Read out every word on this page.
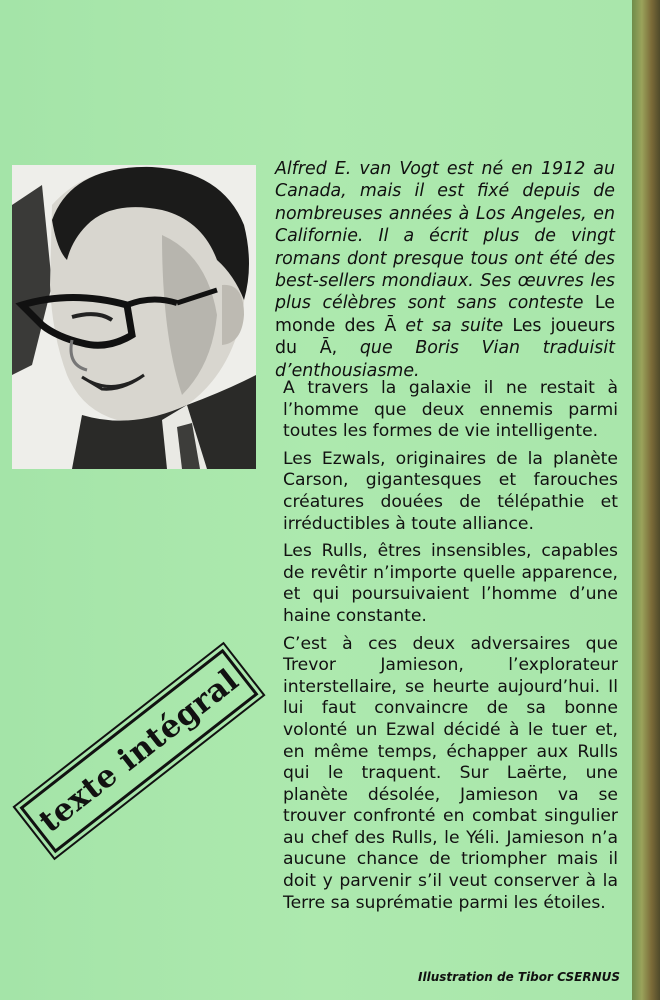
Alfred E. van Vogt est né en 1912 au Canada, mais il est fixé depuis de nombreuses années à Los Angeles, en Californie. Il a écrit plus de vingt romans dont presque tous ont été des best-sellers mondiaux. Ses œuvres les plus célèbres sont sans conteste Le monde des Ā et sa suite Les joueurs du Ā, que Boris Vian traduisit d’enthousiasme.

A travers la galaxie il ne restait à l’homme que deux ennemis parmi toutes les formes de vie intelligente.

Les Ezwals, originaires de la planète Carson, gigantesques et farouches créatures douées de télépathie et irréductibles à toute alliance.

Les Rulls, êtres insensibles, capables de revêtir n’importe quelle apparence, et qui poursuivaient l’homme d’une haine constante.

C’est à ces deux adversaires que Trevor Jamieson, l’explorateur interstellaire, se heurte aujourd’hui. Il lui faut convaincre de sa bonne volonté un Ezwal décidé à le tuer et, en même temps, échapper aux Rulls qui le traquent. Sur Laërte, une planète désolée, Jamieson va se trouver confronté en combat singulier au chef des Rulls, le Yéli. Jamieson n’a aucune chance de triompher mais il doit y parvenir s’il veut conserver à la Terre sa suprématie parmi les étoiles.

texte intégral
Illustration de Tibor CSERNUS
